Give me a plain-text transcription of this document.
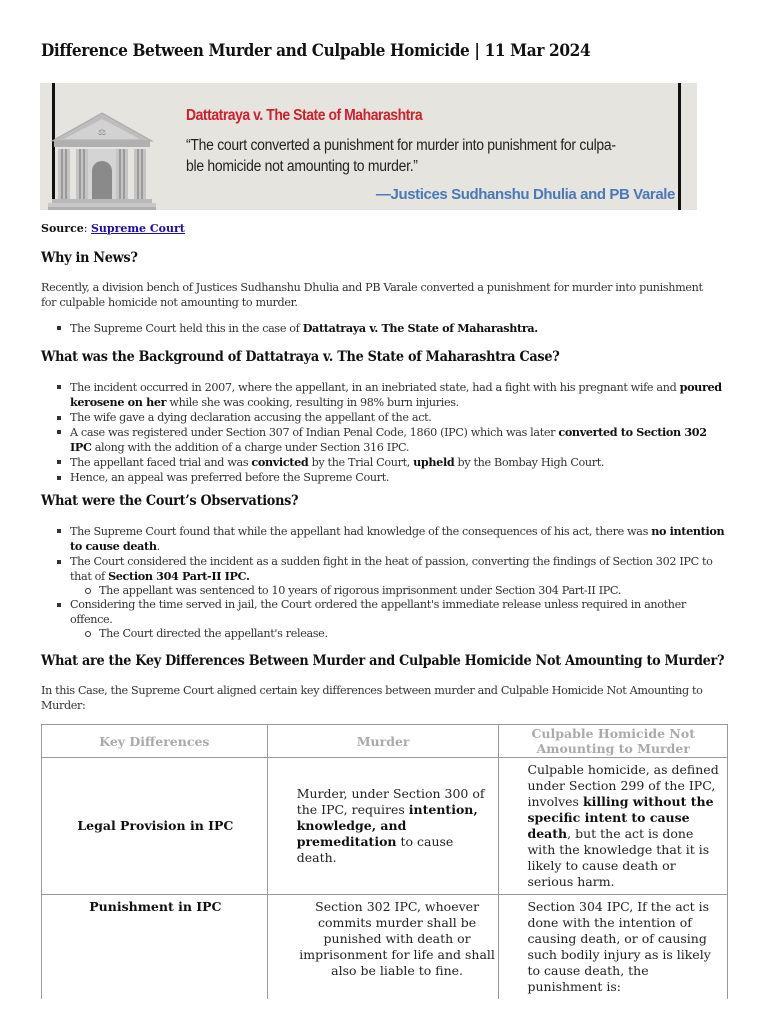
Difference Between Murder and Culpable Homicide | 11 Mar 2024
⚖
Dattatraya v. The State of Maharashtra
“The court converted a punishment for murder into punishment for culpa-
ble homicide not amounting to murder.”
—Justices Sudhanshu Dhulia and PB Varale
Source: Supreme Court
Why in News?

Recently, a division bench of Justices Sudhanshu Dhulia and PB Varale converted a punishment for murder into punishment for culpable homicide not amounting to murder.

The Supreme Court held this in the case of Dattatraya v. The State of Maharashtra.
What was the Background of Dattatraya v. The State of Maharashtra Case?
The incident occurred in 2007, where the appellant, in an inebriated state, had a fight with his pregnant wife and poured kerosene on her while she was cooking, resulting in 98% burn injuries.
The wife gave a dying declaration accusing the appellant of the act.
A case was registered under Section 307 of Indian Penal Code, 1860 (IPC) which was later converted to Section 302 IPC along with the addition of a charge under Section 316 IPC.
The appellant faced trial and was convicted by the Trial Court, upheld by the Bombay High Court.
Hence, an appeal was preferred before the Supreme Court.
What were the Court’s Observations?
The Supreme Court found that while the appellant had knowledge of the consequences of his act, there was no intention to cause death.
The Court considered the incident as a sudden fight in the heat of passion, converting the findings of Section 302 IPC to that of Section 304 Part-II IPC.
The appellant was sentenced to 10 years of rigorous imprisonment under Section 304 Part-II IPC.
Considering the time served in jail, the Court ordered the appellant's immediate release unless required in another offence.
The Court directed the appellant's release.
What are the Key Differences Between Murder and Culpable Homicide Not Amounting to Murder?

In this Case, the Supreme Court aligned certain key differences between murder and Culpable Homicide Not Amounting to Murder:

Key Differences	Murder	Culpable Homicide Not Amounting to Murder
Legal Provision in IPC	Murder, under Section 300 of the IPC, requires intention, knowledge, and premeditation to cause death.	Culpable homicide, as defined under Section 299 of the IPC, involves killing without the specific intent to cause death, but the act is done with the knowledge that it is likely to cause death or serious harm.
Punishment in IPC	Section 302 IPC, whoever commits murder shall be punished with death or imprisonment for life and shall also be liable to fine.	Section 304 IPC, If the act is done with the intention of causing death, or of causing such bodily injury as is likely to cause death, the punishment is:
